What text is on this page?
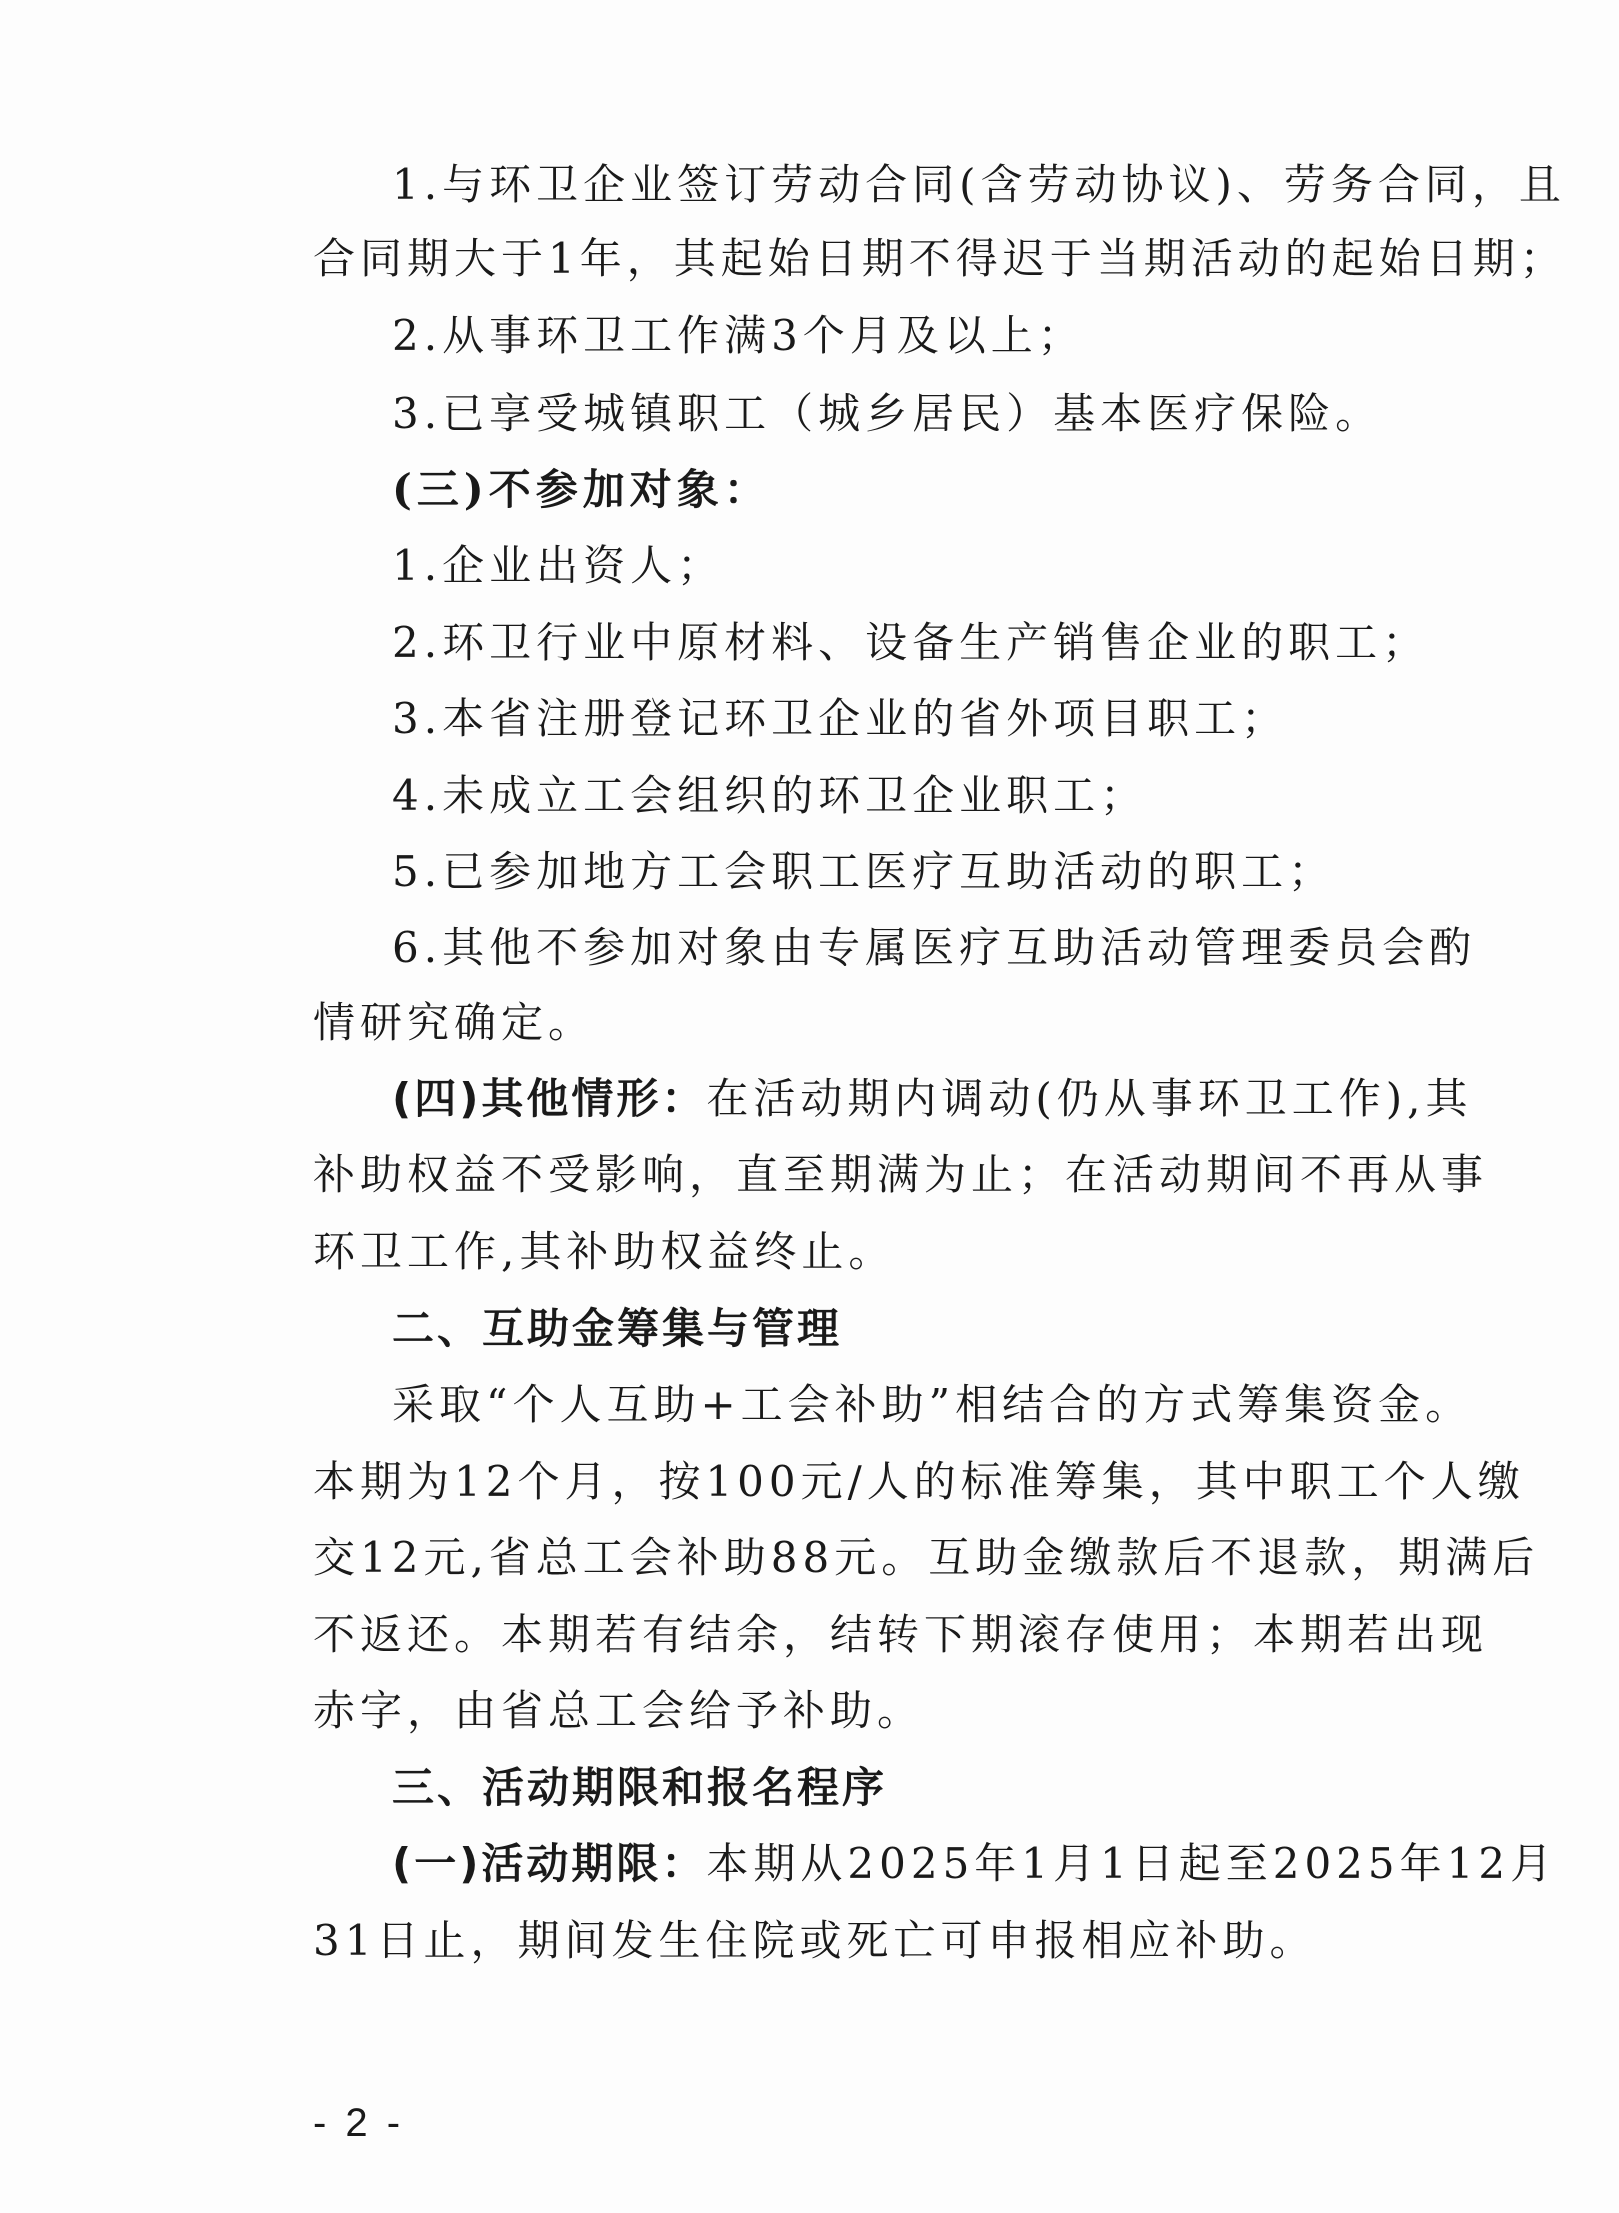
1.与环卫企业签订劳动合同(含劳动协议)、劳务合同，且
合同期大于1年，其起始日期不得迟于当期活动的起始日期；
2.从事环卫工作满3个月及以上；
3.已享受城镇职工（城乡居民）基本医疗保险。
(三)不参加对象：
1.企业出资人；
2.环卫行业中原材料、设备生产销售企业的职工；
3.本省注册登记环卫企业的省外项目职工；
4.未成立工会组织的环卫企业职工；
5.已参加地方工会职工医疗互助活动的职工；
6.其他不参加对象由专属医疗互助活动管理委员会酌
情研究确定。
(四)其他情形：在活动期内调动(仍从事环卫工作),其
补助权益不受影响，直至期满为止；在活动期间不再从事
环卫工作,其补助权益终止。
二、互助金筹集与管理
采取“个人互助+工会补助”相结合的方式筹集资金。
本期为12个月，按100元/人的标准筹集，其中职工个人缴
交12元,省总工会补助88元。互助金缴款后不退款，期满后
不返还。本期若有结余，结转下期滚存使用；本期若出现
赤字，由省总工会给予补助。
三、活动期限和报名程序
(一)活动期限：本期从2025年1月1日起至2025年12月
31日止，期间发生住院或死亡可申报相应补助。
- 2 -
